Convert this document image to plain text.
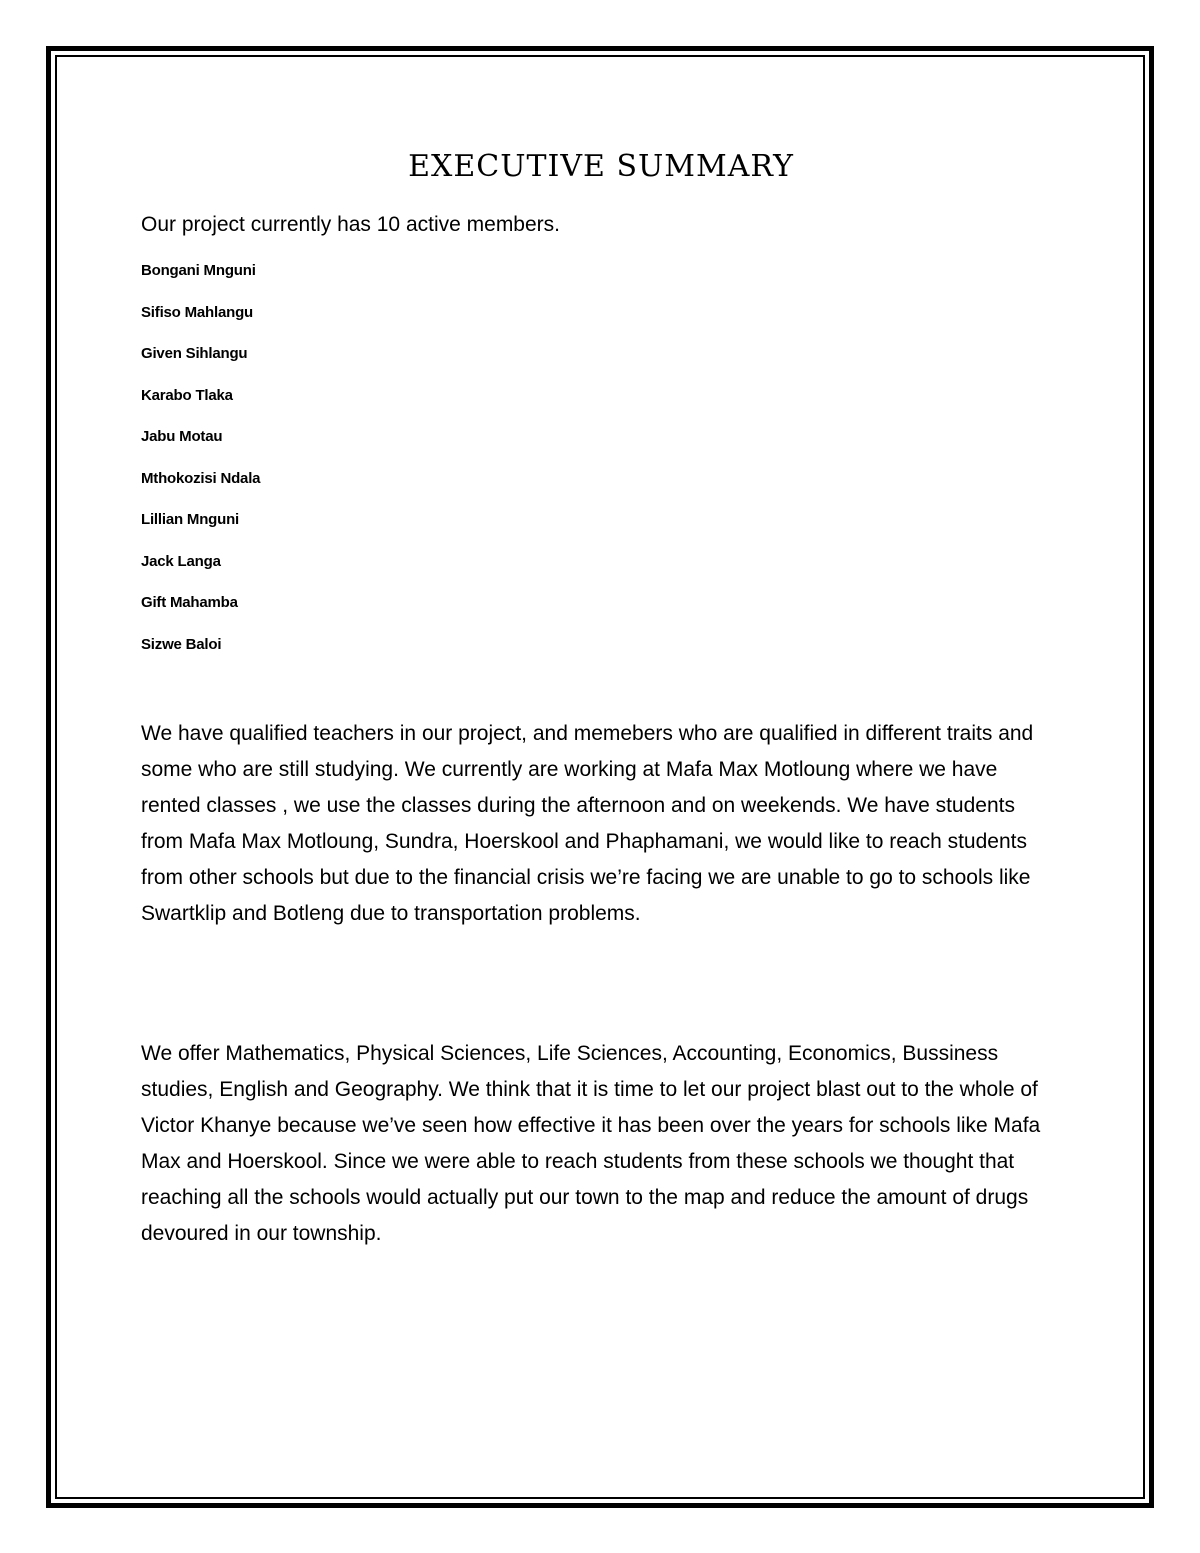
EXECUTIVE SUMMARY

Our project currently has 10 active members.

Bongani Mnguni
Sifiso Mahlangu
Given Sihlangu
Karabo Tlaka
Jabu Motau
Mthokozisi Ndala
Lillian Mnguni
Jack Langa
Gift Mahamba
Sizwe Baloi

We have qualified teachers in our project, and memebers who are qualified in different traits and some who are still studying. We currently are working at Mafa Max Motloung where we have rented classes , we use the classes during the afternoon and on weekends. We have students from Mafa Max Motloung, Sundra, Hoerskool and Phaphamani, we would like to reach students from other schools but due to the financial crisis we’re facing we are unable to go to schools like Swartklip and Botleng due to transportation problems.

We offer Mathematics, Physical Sciences, Life Sciences, Accounting, Economics, Bussiness studies, English and Geography. We think that it is time to let our project blast out to the whole of Victor Khanye because we’ve seen how effective it has been over the years for schools like Mafa Max and Hoerskool. Since we were able to reach students from these schools we thought that reaching all the schools would actually put our town to the map and reduce the amount of drugs devoured in our township.
